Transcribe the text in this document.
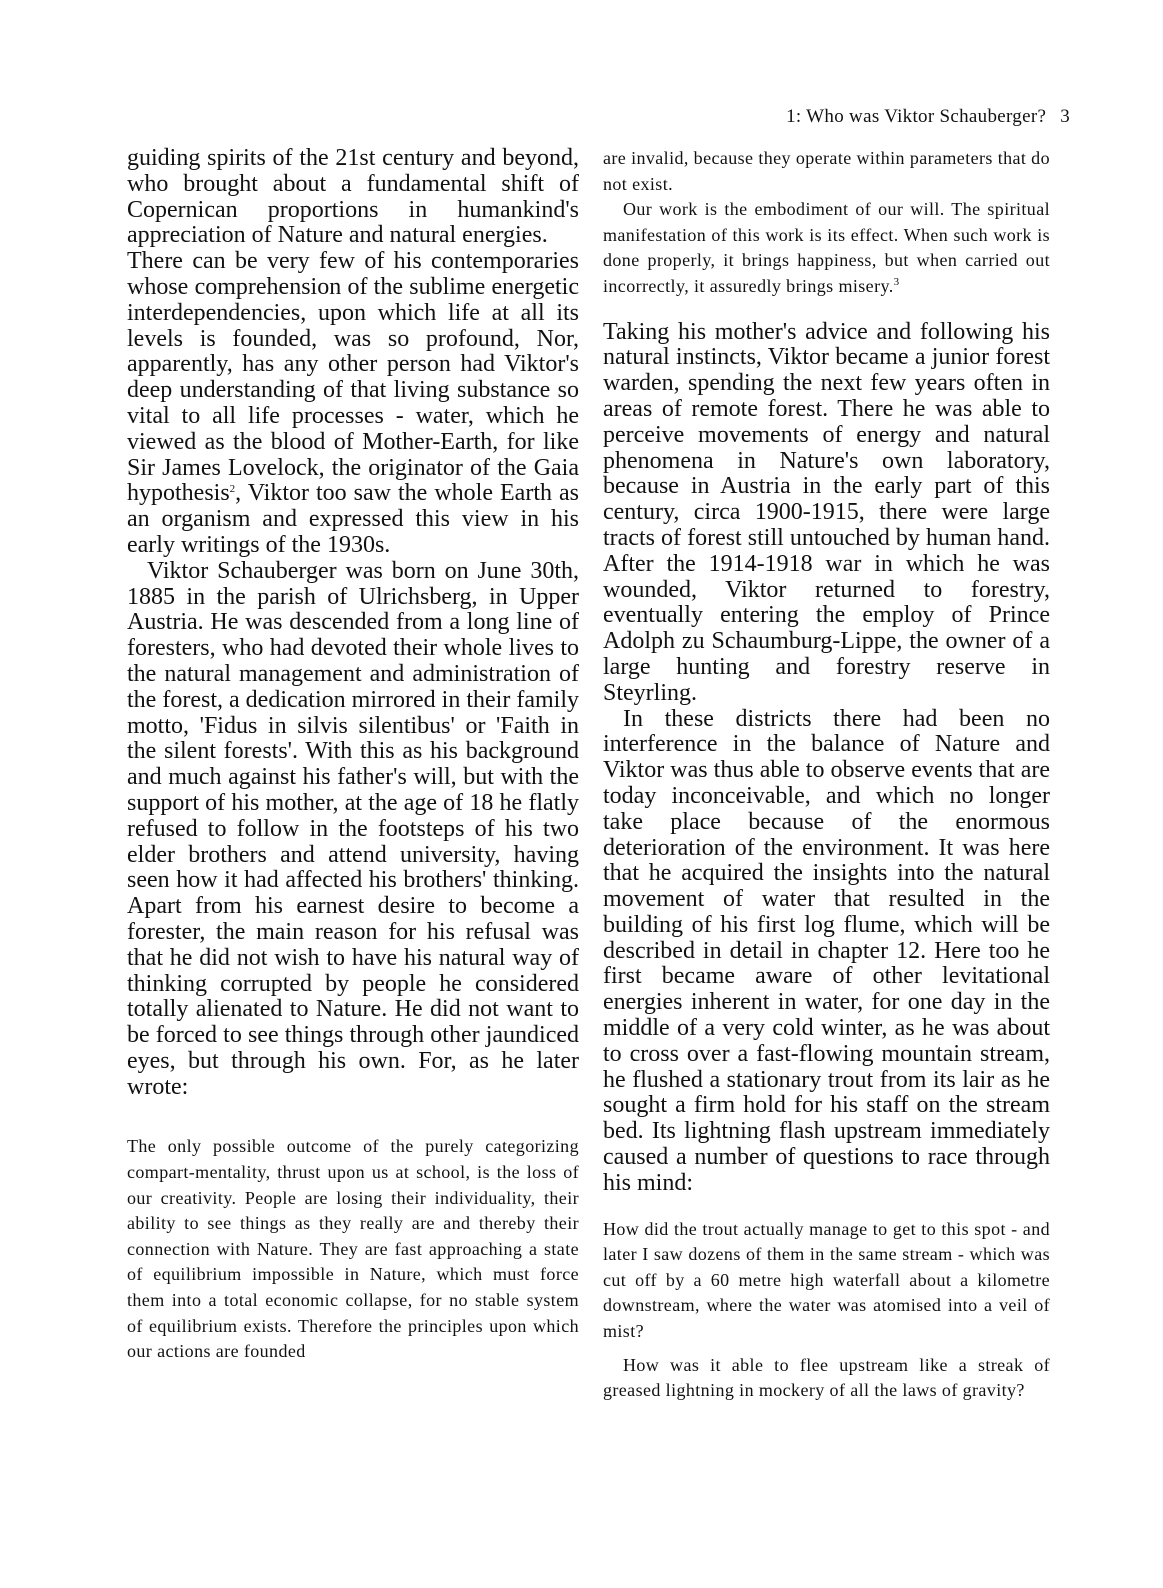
1: Who was Viktor Schauberger? 3

guiding spirits of the 21st century and beyond, who brought about a fundamental shift of Copernican proportions in humankind's appreciation of Nature and natural energies.

There can be very few of his contemporaries whose comprehension of the sublime energetic interdependencies, upon which life at all its levels is founded, was so profound, Nor, apparently, has any other person had Viktor's deep understanding of that living substance so vital to all life processes - water, which he viewed as the blood of Mother-Earth, for like Sir James Lovelock, the originator of the Gaia hypothesis$^2$, Viktor too saw the whole Earth as an organism and expressed this view in his early writings of the 1930s.

Viktor Schauberger was born on June 30th, 1885 in the parish of Ulrichsberg, in Upper Austria. He was descended from a long line of foresters, who had devoted their whole lives to the natural management and administration of the forest, a dedication mirrored in their family motto, 'Fidus in silvis silentibus' or 'Faith in the silent forests'. With this as his background and much against his father's will, but with the support of his mother, at the age of 18 he flatly refused to follow in the footsteps of his two elder brothers and attend university, having seen how it had affected his brothers' thinking. Apart from his earnest desire to become a forester, the main reason for his refusal was that he did not wish to have his natural way of thinking corrupted by people he considered totally alienated to Nature. He did not want to be forced to see things through other jaundiced eyes, but through his own. For, as he later wrote:

The only possible outcome of the purely categorizing compart-mentality, thrust upon us at school, is the loss of our creativity. People are losing their individuality, their ability to see things as they really are and thereby their connection with Nature. They are fast approaching a state of equilibrium impossible in Nature, which must force them into a total economic collapse, for no stable system of equilibrium exists. Therefore the principles upon which our actions are founded

are invalid, because they operate within parameters that do not exist.

Our work is the embodiment of our will. The spiritual manifestation of this work is its effect. When such work is done properly, it brings happiness, but when carried out incorrectly, it assuredly brings misery.$^3$

Taking his mother's advice and following his natural instincts, Viktor became a junior forest warden, spending the next few years often in areas of remote forest. There he was able to perceive movements of energy and natural phenomena in Nature's own laboratory, because in Austria in the early part of this century, circa 1900-1915, there were large tracts of forest still untouched by human hand. After the 1914-1918 war in which he was wounded, Viktor returned to forestry, eventually entering the employ of Prince Adolph zu Schaumburg-Lippe, the owner of a large hunting and forestry reserve in Steyrling.

In these districts there had been no interference in the balance of Nature and Viktor was thus able to observe events that are today inconceivable, and which no longer take place because of the enormous deterioration of the environment. It was here that he acquired the insights into the natural movement of water that resulted in the building of his first log flume, which will be described in detail in chapter 12. Here too he first became aware of other levitational energies inherent in water, for one day in the middle of a very cold winter, as he was about to cross over a fast-flowing mountain stream, he flushed a stationary trout from its lair as he sought a firm hold for his staff on the stream bed. Its lightning flash upstream immediately caused a number of questions to race through his mind:

How did the trout actually manage to get to this spot - and later I saw dozens of them in the same stream - which was cut off by a 60 metre high waterfall about a kilometre downstream, where the water was atomised into a veil of mist?

How was it able to flee upstream like a streak of greased lightning in mockery of all the laws of gravity?
